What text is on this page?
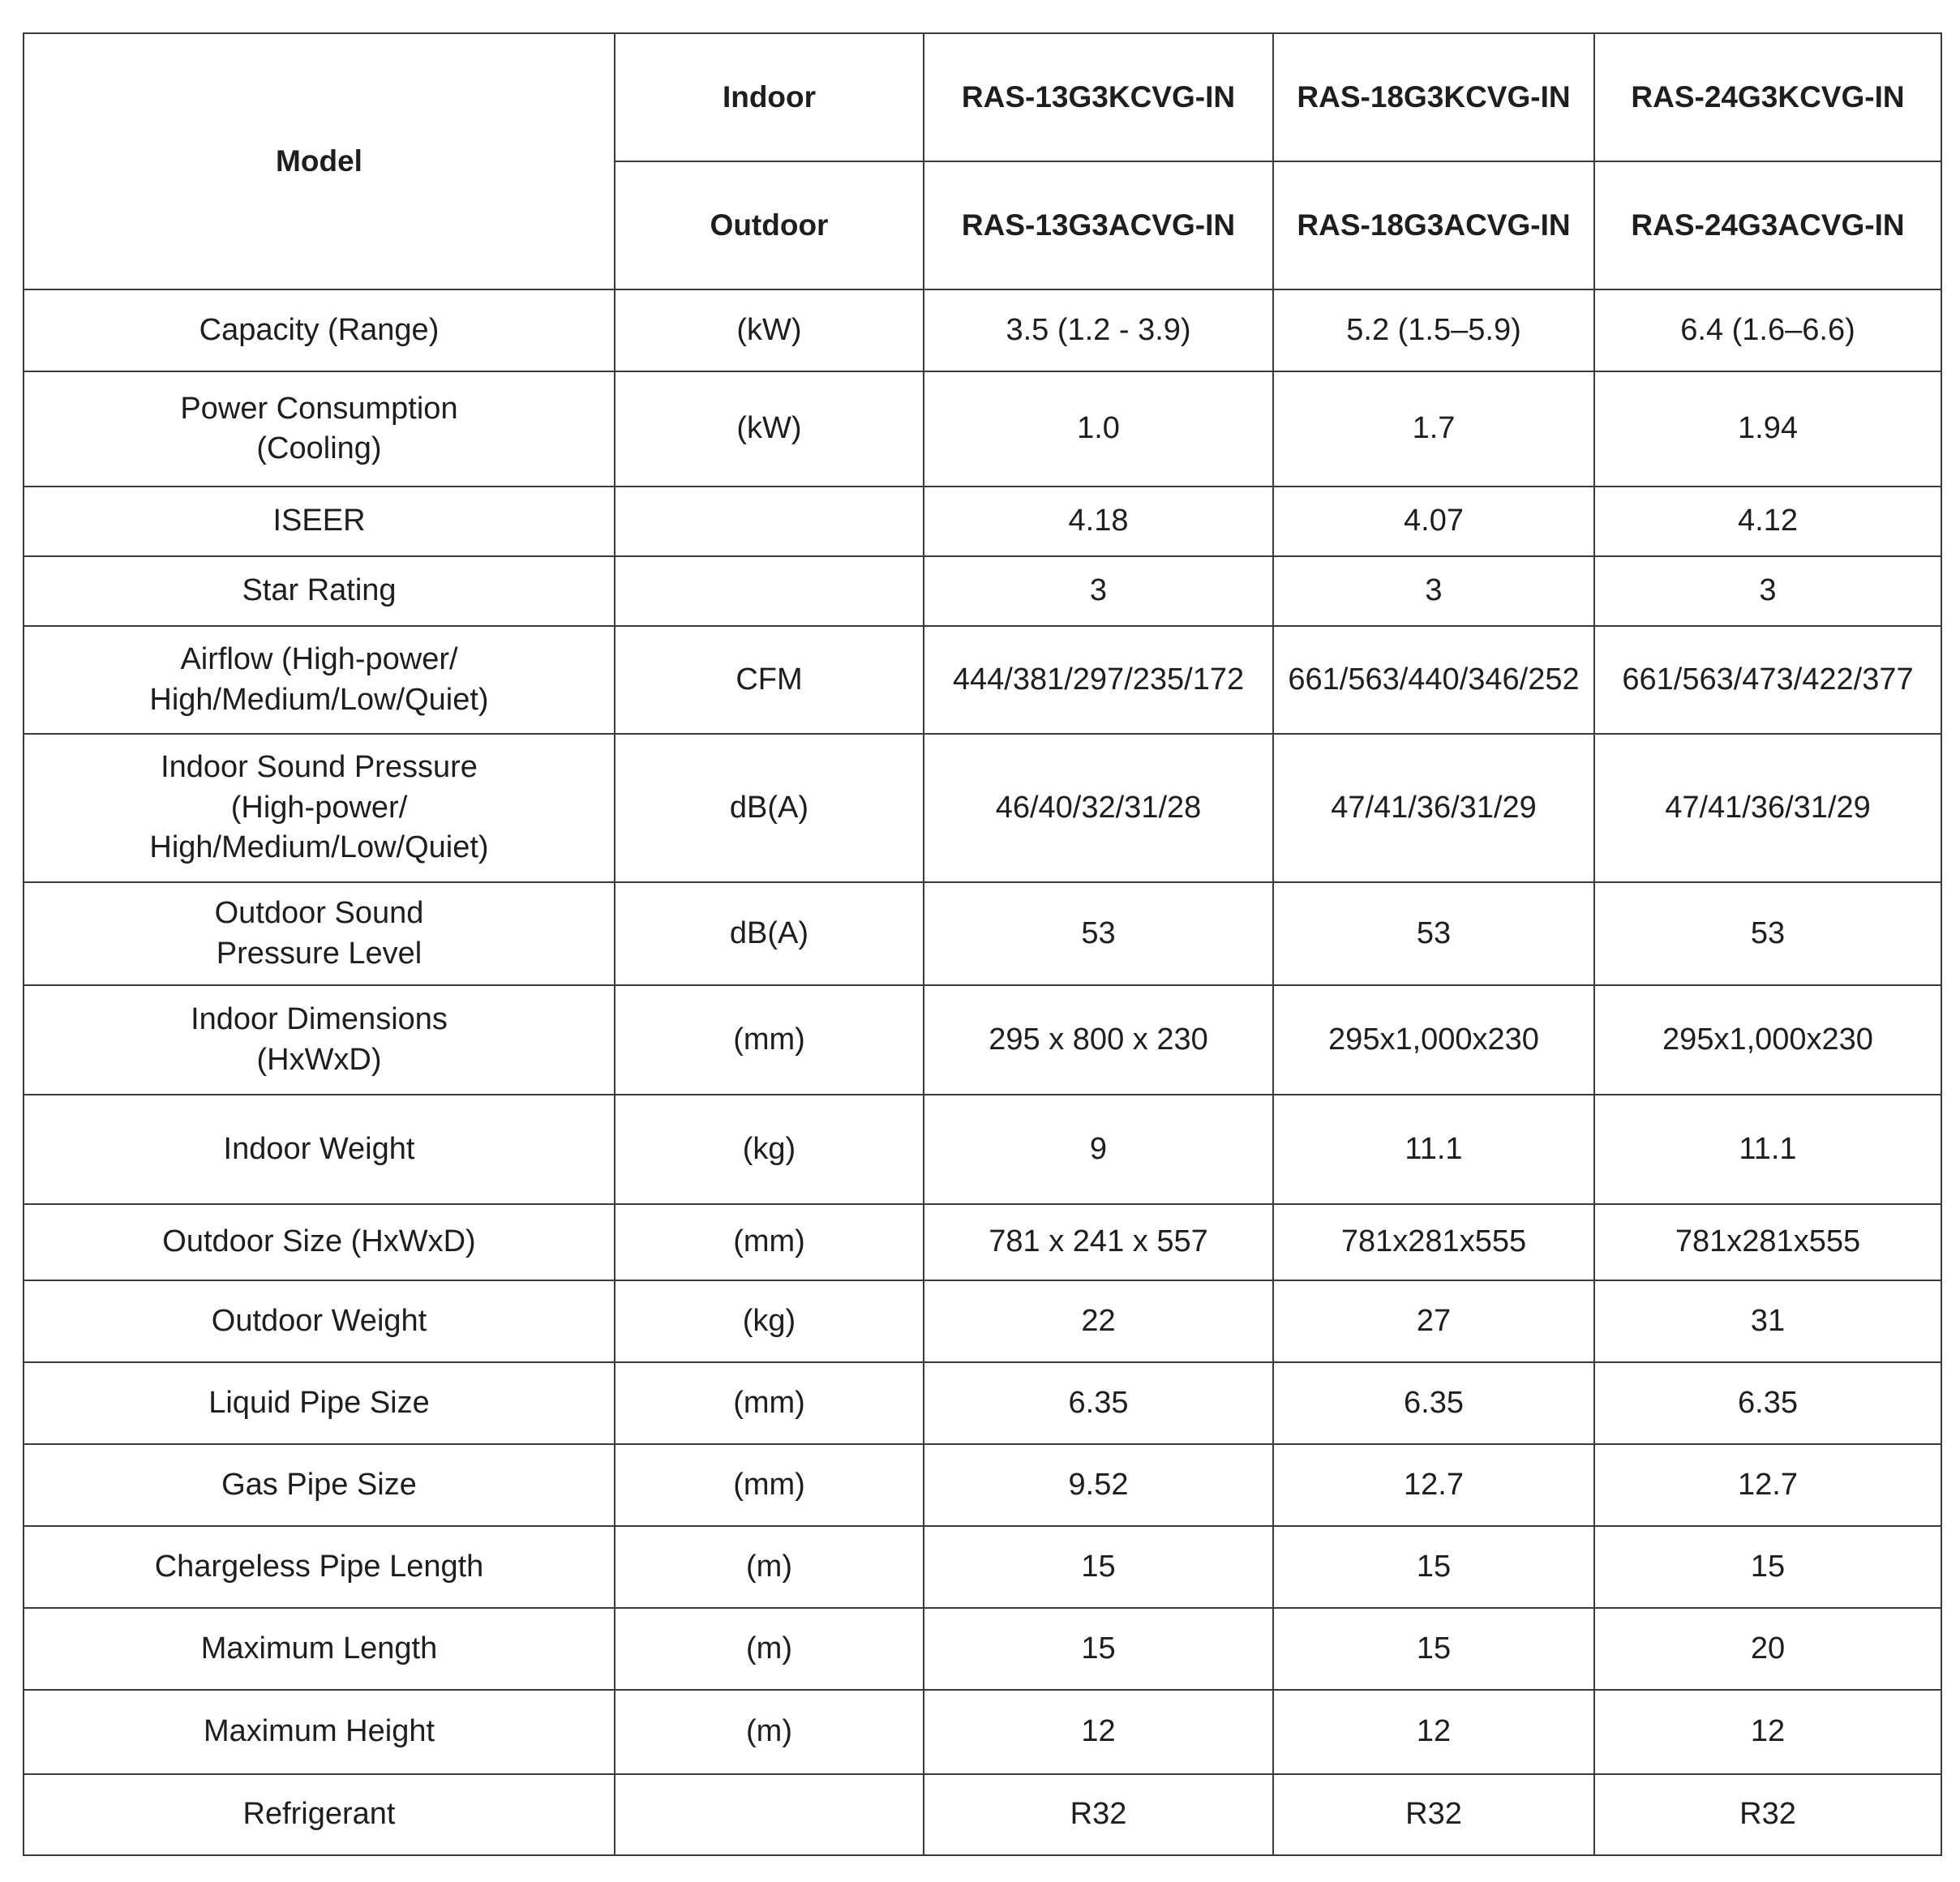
Model	Indoor	RAS-13G3KCVG-IN	RAS-18G3KCVG-IN	RAS-24G3KCVG-IN
	Outdoor	RAS-13G3ACVG-IN	RAS-18G3ACVG-IN	RAS-24G3ACVG-IN

Capacity (Range)	(kW)	3.5 (1.2 - 3.9)	5.2 (1.5–5.9)	6.4 (1.6–6.6)

Power Consumption
(Cooling)	(kW)	1.0	1.7	1.94

ISEER		4.18	4.07	4.12

Star Rating		3	3	3

Airflow (High-power/
High/Medium/Low/Quiet)	CFM	444/381/297/235/172	661/563/440/346/252	661/563/473/422/377

Indoor Sound Pressure
(High-power/
High/Medium/Low/Quiet)	dB(A)	46/40/32/31/28	47/41/36/31/29	47/41/36/31/29

Outdoor Sound
Pressure Level	dB(A)	53	53	53

Indoor Dimensions
(HxWxD)	(mm)	295 x 800 x 230	295x1,000x230	295x1,000x230

Indoor Weight	(kg)	9	11.1	11.1

Outdoor Size (HxWxD)	(mm)	781 x 241 x 557	781x281x555	781x281x555

Outdoor Weight	(kg)	22	27	31

Liquid Pipe Size	(mm)	6.35	6.35	6.35

Gas Pipe Size	(mm)	9.52	12.7	12.7

Chargeless Pipe Length	(m)	15	15	15

Maximum Length	(m)	15	15	20

Maximum Height	(m)	12	12	12

Refrigerant		R32	R32	R32
